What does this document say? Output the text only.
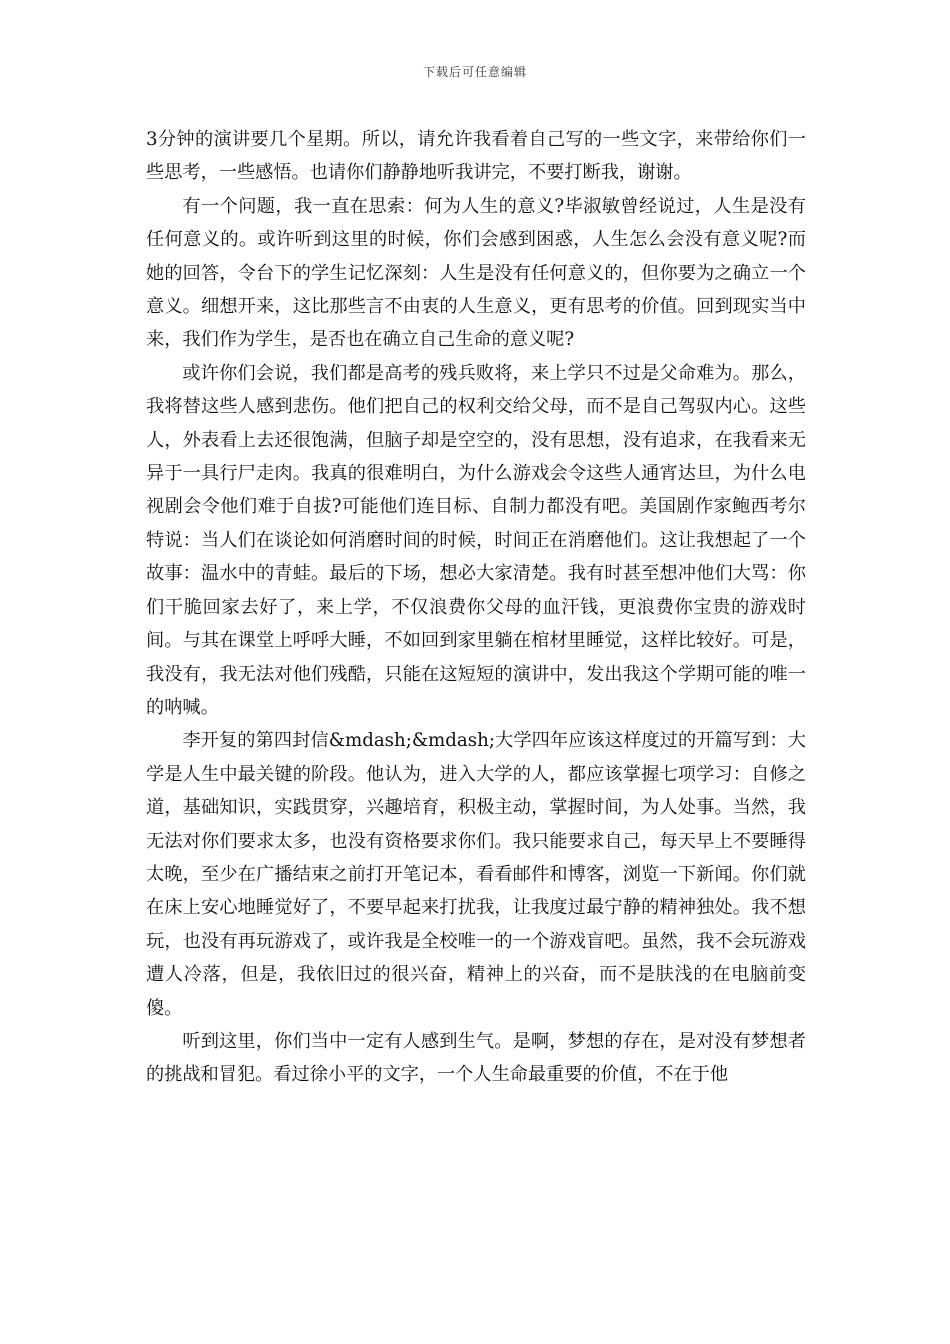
下载后可任意编辑

3分钟的演讲要几个星期。所以，请允许我看着自己写的一些文字，来带给你们一些思考，一些感悟。也请你们静静地听我讲完，不要打断我，谢谢。

有一个问题，我一直在思索：何为人生的意义?毕淑敏曾经说过，人生是没有任何意义的。或许听到这里的时候，你们会感到困惑，人生怎么会没有意义呢?而她的回答，令台下的学生记忆深刻：人生是没有任何意义的，但你要为之确立一个意义。细想开来，这比那些言不由衷的人生意义，更有思考的价值。回到现实当中来，我们作为学生，是否也在确立自己生命的意义呢?

或许你们会说，我们都是高考的残兵败将，来上学只不过是父命难为。那么，我将替这些人感到悲伤。他们把自己的权利交给父母，而不是自己驾驭内心。这些人，外表看上去还很饱满，但脑子却是空空的，没有思想，没有追求，在我看来无异于一具行尸走肉。我真的很难明白，为什么游戏会令这些人通宵达旦，为什么电视剧会令他们难于自拔?可能他们连目标、自制力都没有吧。美国剧作家鲍西考尔特说：当人们在谈论如何消磨时间的时候，时间正在消磨他们。这让我想起了一个故事：温水中的青蛙。最后的下场，想必大家清楚。我有时甚至想冲他们大骂：你们干脆回家去好了，来上学，不仅浪费你父母的血汗钱，更浪费你宝贵的游戏时间。与其在课堂上呼呼大睡，不如回到家里躺在棺材里睡觉，这样比较好。可是，我没有，我无法对他们残酷，只能在这短短的演讲中，发出我这个学期可能的唯一的呐喊。

李开复的第四封信&mdash;&mdash;大学四年应该这样度过的开篇写到：大学是人生中最关键的阶段。他认为，进入大学的人，都应该掌握七项学习：自修之道，基础知识，实践贯穿，兴趣培育，积极主动，掌握时间，为人处事。当然，我无法对你们要求太多，也没有资格要求你们。我只能要求自己，每天早上不要睡得太晚，至少在广播结束之前打开笔记本，看看邮件和博客，浏览一下新闻。你们就在床上安心地睡觉好了，不要早起来打扰我，让我度过最宁静的精神独处。我不想玩，也没有再玩游戏了，或许我是全校唯一的一个游戏盲吧。虽然，我不会玩游戏遭人冷落，但是，我依旧过的很兴奋，精神上的兴奋，而不是肤浅的在电脑前变傻。

听到这里，你们当中一定有人感到生气。是啊，梦想的存在，是对没有梦想者的挑战和冒犯。看过徐小平的文字，一个人生命最重要的价值，不在于他
